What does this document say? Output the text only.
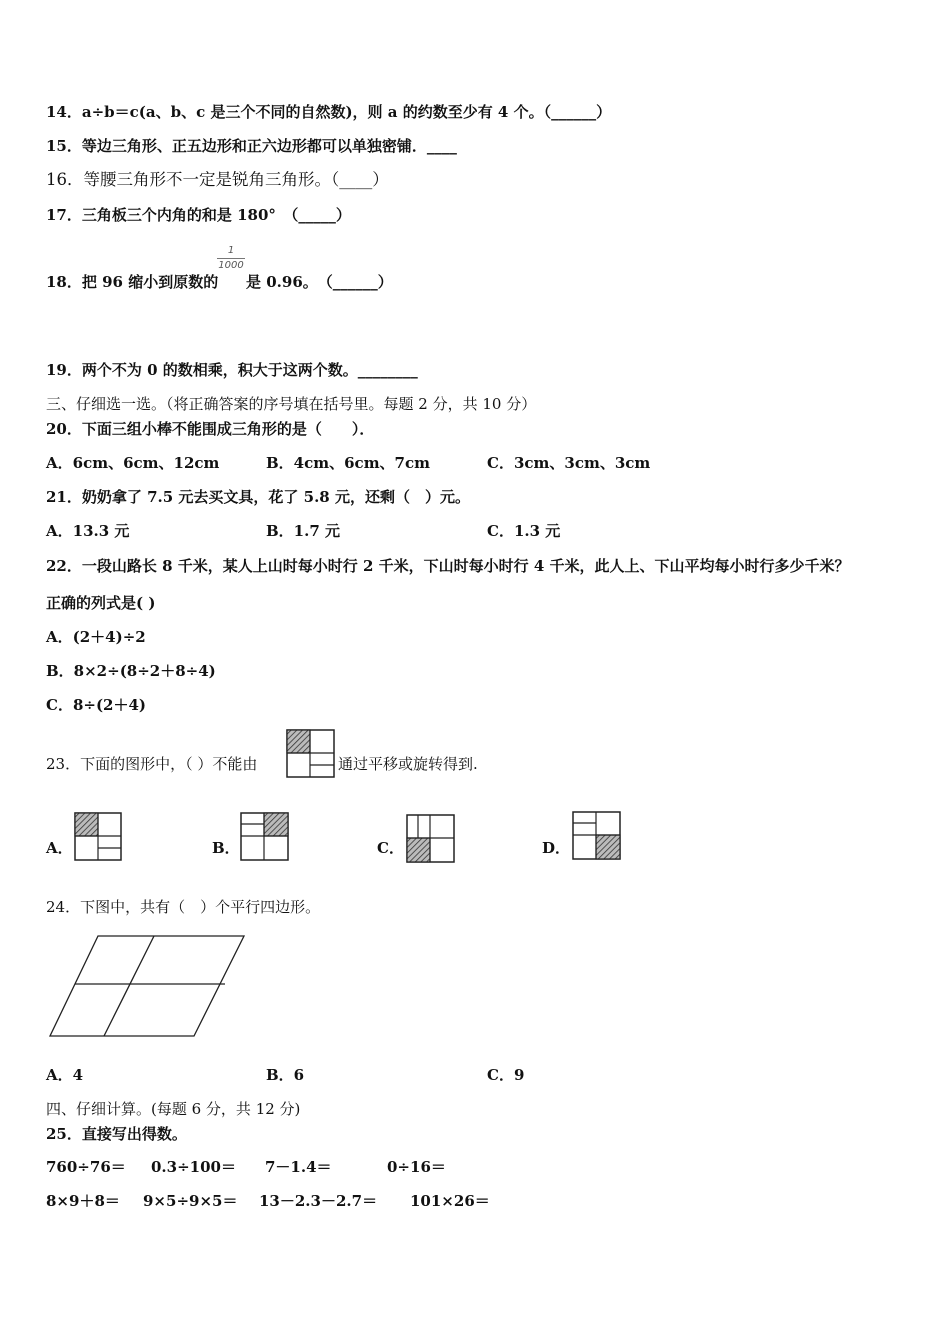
14．a÷b＝c(a、b、c 是三个不同的自然数)，则 a 的约数至少有 4 个。（______）
15．等边三角形、正五边形和正六边形都可以单独密铺．____
16．等腰三角形不一定是锐角三角形。（____）
17．三角板三个内角的和是 180°　（_____）
18．把 96 缩小到原数的
1
1000
是 0.96。　（______）
19．两个不为 0 的数相乘，积大于这两个数。________
三、仔细选一选。（将正确答案的序号填在括号里。每题 2 分，共 10 分）
20．下面三组小棒不能围成三角形的是（　　）．
A．6cm、6cm、12cm	B．4cm、6cm、7cm	C．3cm、3cm、3cm
21．奶奶拿了 7.5 元去买文具，花了 5.8 元，还剩（　）元。
A．13.3 元	B．1.7 元	C．1.3 元
22．一段山路长 8 千米，某人上山时每小时行 2 千米，下山时每小时行 4 千米，此人上、下山平均每小时行多少千米？
正确的列式是( )
A．(2＋4)÷2
B．8×2÷(8÷2＋8÷4)
C．8÷(2＋4)
23．下面的图形中，（ ）不能由	通过平移或旋转得到.
A．	B．	C．	D．
24．下图中，共有（　）个平行四边形。
A．4	B．6	C．9
四、仔细计算。(每题 6 分，共 12 分)
25．直接写出得数。
760÷76＝ 0.3÷100＝ 7－1.4＝	0÷16＝
8×9＋8＝ 9×5÷9×5＝ 13－2.3－2.7＝ 101×26＝
